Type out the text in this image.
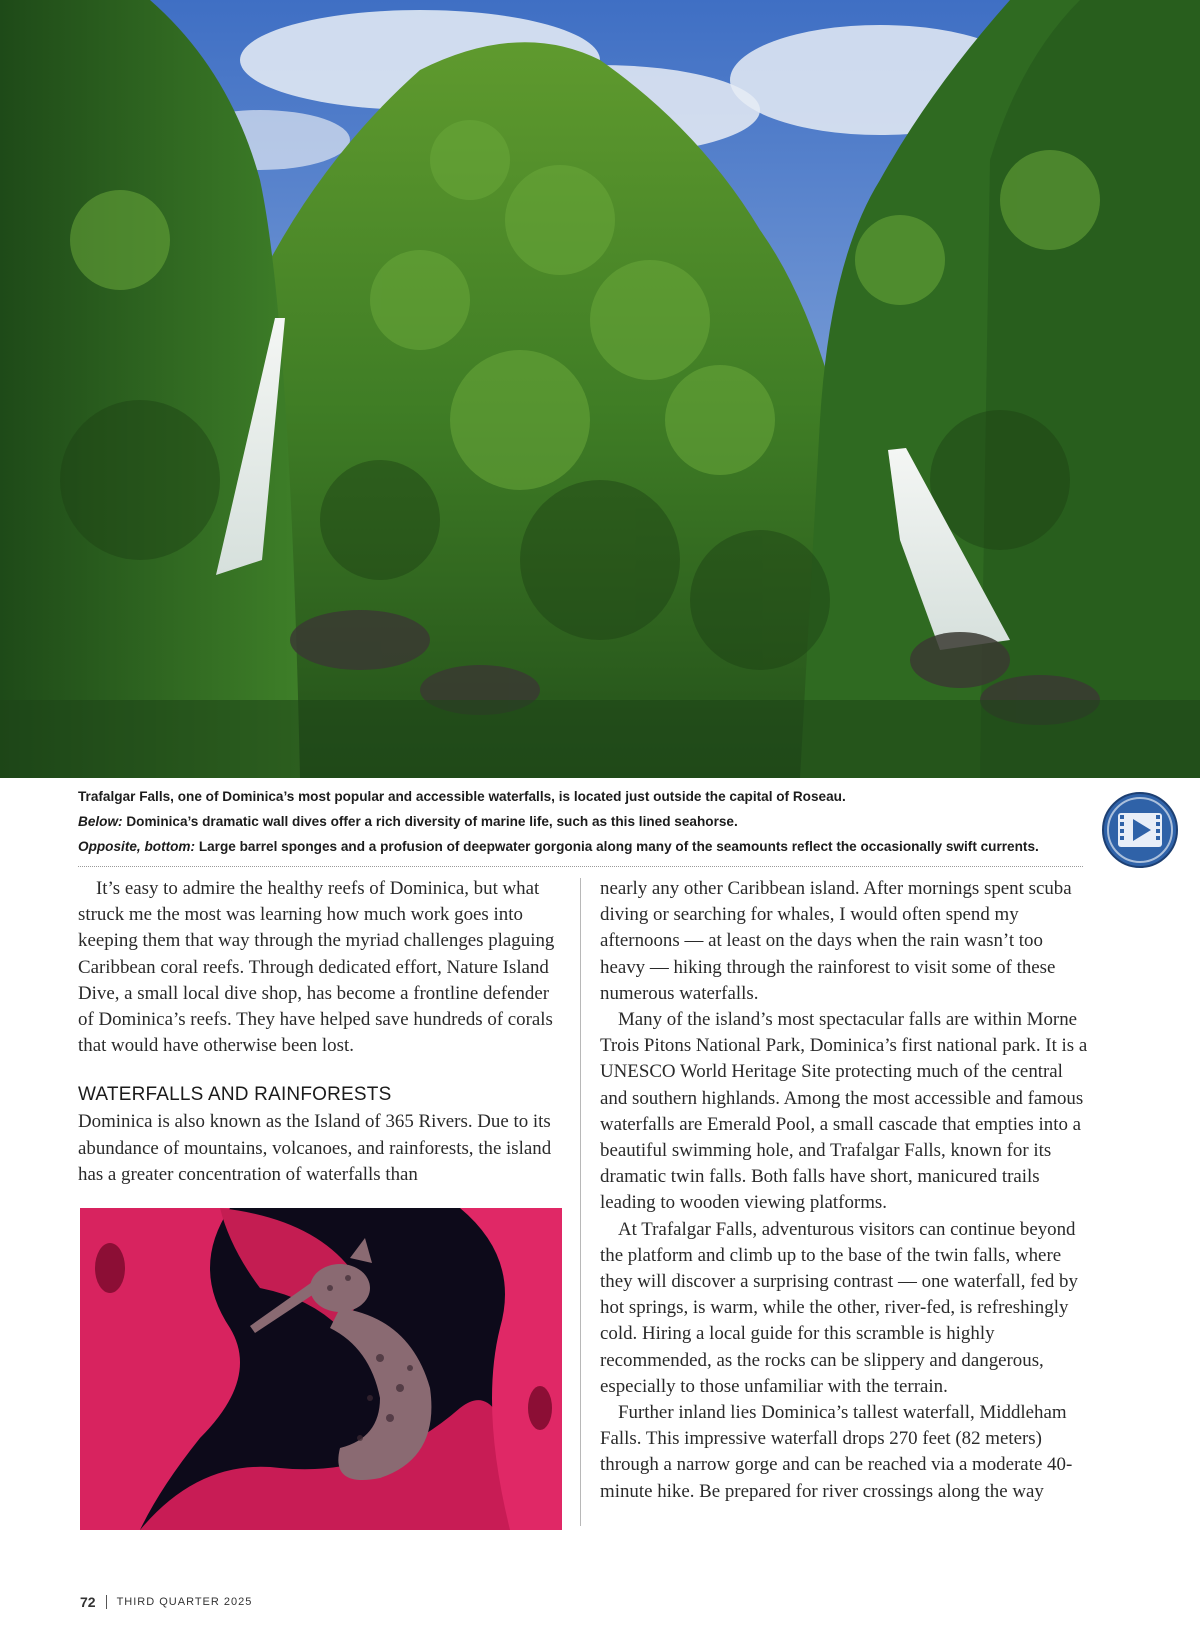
Trafalgar Falls, one of Dominica’s most popular and accessible waterfalls, is located just outside the capital of Roseau.
Below: Dominica’s dramatic wall dives offer a rich diversity of marine life, such as this lined seahorse.
Opposite, bottom: Large barrel sponges and a profusion of deepwater gorgonia along many of the seamounts reflect the occasionally swift currents.

It’s easy to admire the healthy reefs of Dominica, but what struck me the most was learning how much work goes into keeping them that way through the myriad challenges plaguing Caribbean coral reefs. Through dedicated effort, Nature Island Dive, a small local dive shop, has become a frontline defender of Dominica’s reefs. They have helped save hundreds of corals that would have otherwise been lost.

WATERFALLS AND RAINFORESTS

Dominica is also known as the Island of 365 Rivers. Due to its abundance of mountains, volcanoes, and rainforests, the island has a greater concentration of waterfalls than

nearly any other Caribbean island. After mornings spent scuba diving or searching for whales, I would often spend my afternoons — at least on the days when the rain wasn’t too heavy — hiking through the rainforest to visit some of these numerous waterfalls.

Many of the island’s most spectacular falls are within Morne Trois Pitons National Park, Dominica’s first national park. It is a UNESCO World Heritage Site protecting much of the central and southern highlands. Among the most accessible and famous waterfalls are Emerald Pool, a small cascade that empties into a beautiful swimming hole, and Trafalgar Falls, known for its dramatic twin falls. Both falls have short, manicured trails leading to wooden viewing platforms.

At Trafalgar Falls, adventurous visitors can continue beyond the platform and climb up to the base of the twin falls, where they will discover a surprising contrast — one waterfall, fed by hot springs, is warm, while the other, river-fed, is refreshingly cold. Hiring a local guide for this scramble is highly recommended, as the rocks can be slippery and dangerous, especially to those unfamiliar with the terrain.

Further inland lies Dominica’s tallest waterfall, Middleham Falls. This impressive waterfall drops 270 feet (82 meters) through a narrow gorge and can be reached via a moderate 40-minute hike. Be prepared for river crossings along the way

72 THIRD QUARTER 2025
